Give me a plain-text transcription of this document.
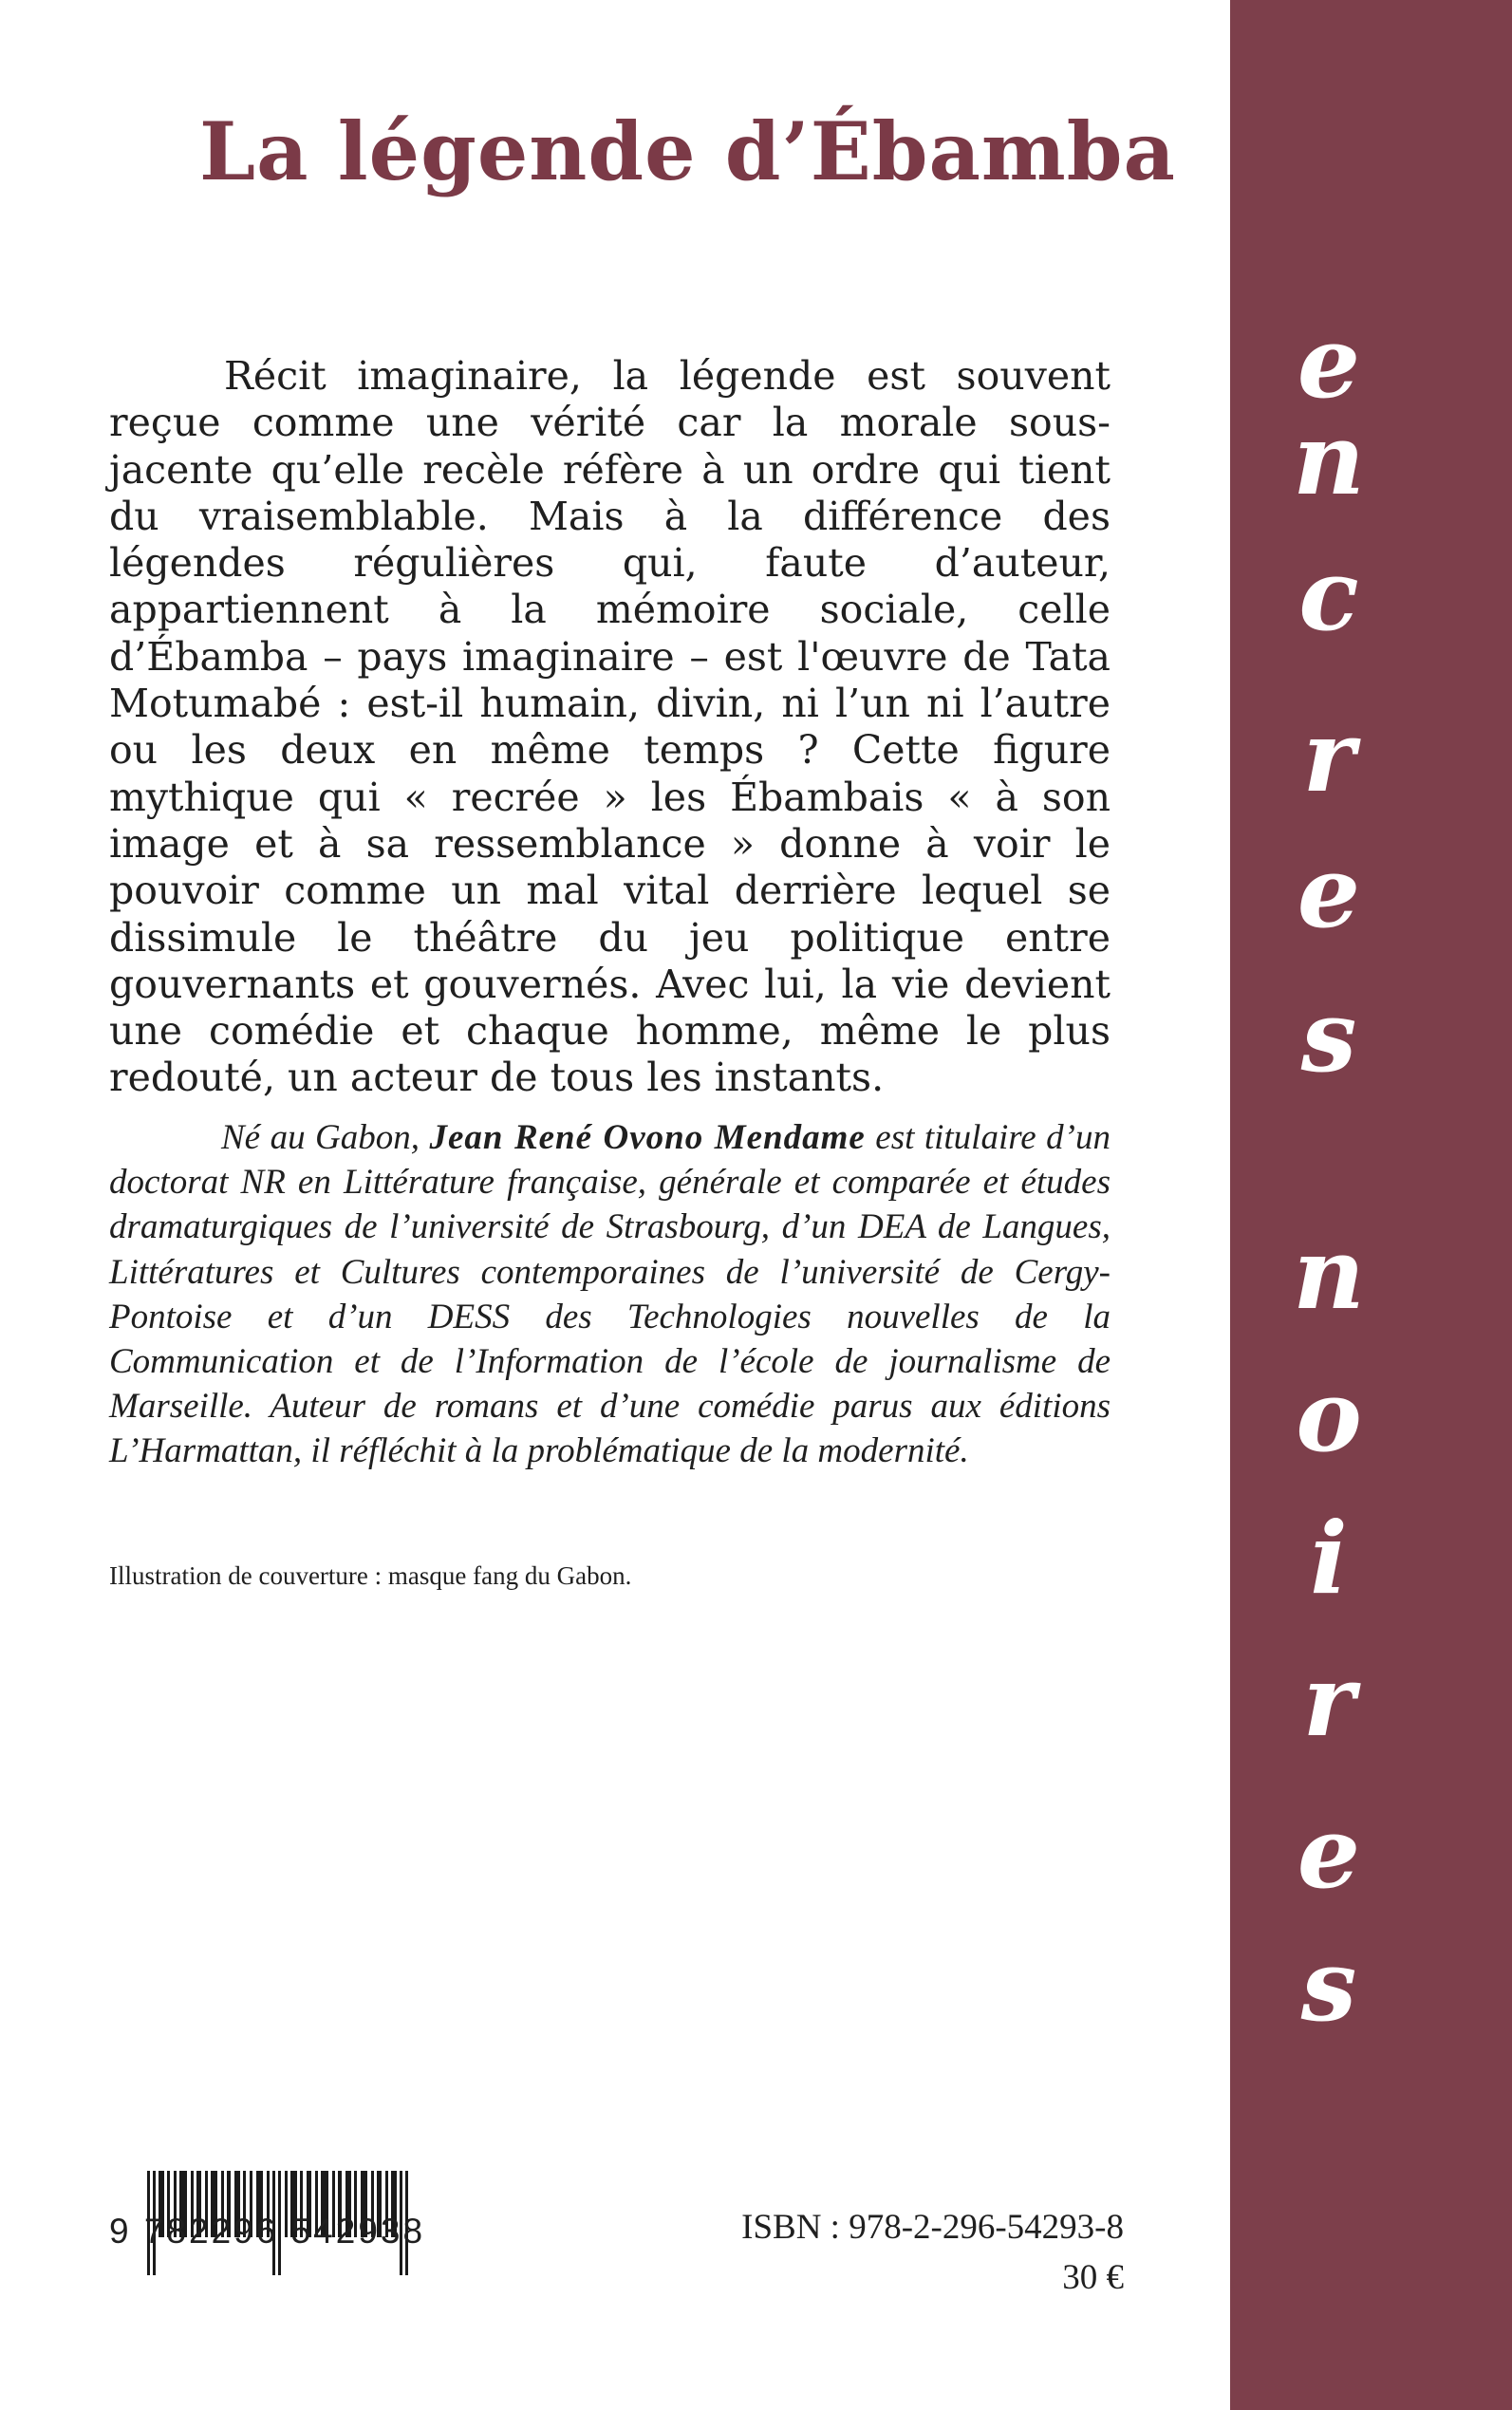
La légende d’Ébamba

Récit imaginaire, la légende est souvent reçue comme une vérité car la morale sous-jacente qu’elle recèle réfère à un ordre qui tient du vraisemblable. Mais à la différence des légendes régulières qui, faute d’auteur, appartiennent à la mémoire sociale, celle d’Ébamba – pays imaginaire – est l'œuvre de Tata Motumabé : est-il humain, divin, ni l’un ni l’autre ou les deux en même temps ? Cette figure mythique qui « recrée » les Ébambais « à son image et à sa ressemblance » donne à voir le pouvoir comme un mal vital derrière lequel se dissimule le théâtre du jeu politique entre gouvernants et gouvernés. Avec lui, la vie devient une comédie et chaque homme, même le plus redouté, un acteur de tous les instants.

Né au Gabon, Jean René Ovono Mendame est titulaire d’un doctorat NR en Littérature française, générale et comparée et études dramaturgiques de l’université de Strasbourg, d’un DEA de Langues, Littératures et Cultures contemporaines de l’université de Cergy-Pontoise et d’un DESS des Technologies nouvelles de la Communication et de l’Information de l’école de journalisme de Marseille. Auteur de romans et d’une comédie parus aux éditions L’Harmattan, il réfléchit à la problématique de la modernité.

Illustration de couverture : masque fang du Gabon.

9 782296 542938	ISBN : 978-2-296-54293-8

30 €

e
n
c
r
e
s
n
o
i
r
e
s
